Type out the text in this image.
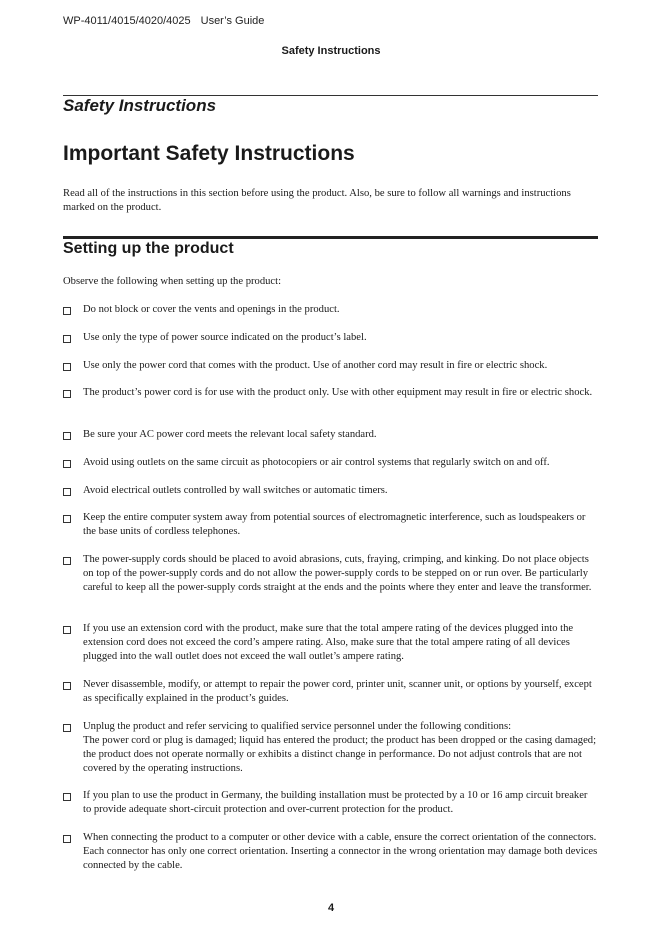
WP-4011/4015/4020/4025 User’s Guide
Safety Instructions
Safety Instructions
Important Safety Instructions
Read all of the instructions in this section before using the product. Also, be sure to follow all warnings and instructions marked on the product.
Setting up the product
Observe the following when setting up the product:
Do not block or cover the vents and openings in the product.
Use only the type of power source indicated on the product’s label.
Use only the power cord that comes with the product. Use of another cord may result in fire or electric shock.
The product’s power cord is for use with the product only. Use with other equipment may result in fire or electric shock.
Be sure your AC power cord meets the relevant local safety standard.
Avoid using outlets on the same circuit as photocopiers or air control systems that regularly switch on and off.
Avoid electrical outlets controlled by wall switches or automatic timers.
Keep the entire computer system away from potential sources of electromagnetic interference, such as loudspeakers or the base units of cordless telephones.
The power-supply cords should be placed to avoid abrasions, cuts, fraying, crimping, and kinking. Do not place objects on top of the power-supply cords and do not allow the power-supply cords to be stepped on or run over. Be particularly careful to keep all the power-supply cords straight at the ends and the points where they enter and leave the transformer.
If you use an extension cord with the product, make sure that the total ampere rating of the devices plugged into the extension cord does not exceed the cord’s ampere rating. Also, make sure that the total ampere rating of all devices plugged into the wall outlet does not exceed the wall outlet’s ampere rating.
Never disassemble, modify, or attempt to repair the power cord, printer unit, scanner unit, or options by yourself, except as specifically explained in the product’s guides.
Unplug the product and refer servicing to qualified service personnel under the following conditions:
The power cord or plug is damaged; liquid has entered the product; the product has been dropped or the casing damaged; the product does not operate normally or exhibits a distinct change in performance. Do not adjust controls that are not covered by the operating instructions.
If you plan to use the product in Germany, the building installation must be protected by a 10 or 16 amp circuit breaker to provide adequate short-circuit protection and over-current protection for the product.
When connecting the product to a computer or other device with a cable, ensure the correct orientation of the connectors. Each connector has only one correct orientation. Inserting a connector in the wrong orientation may damage both devices connected by the cable.
4
